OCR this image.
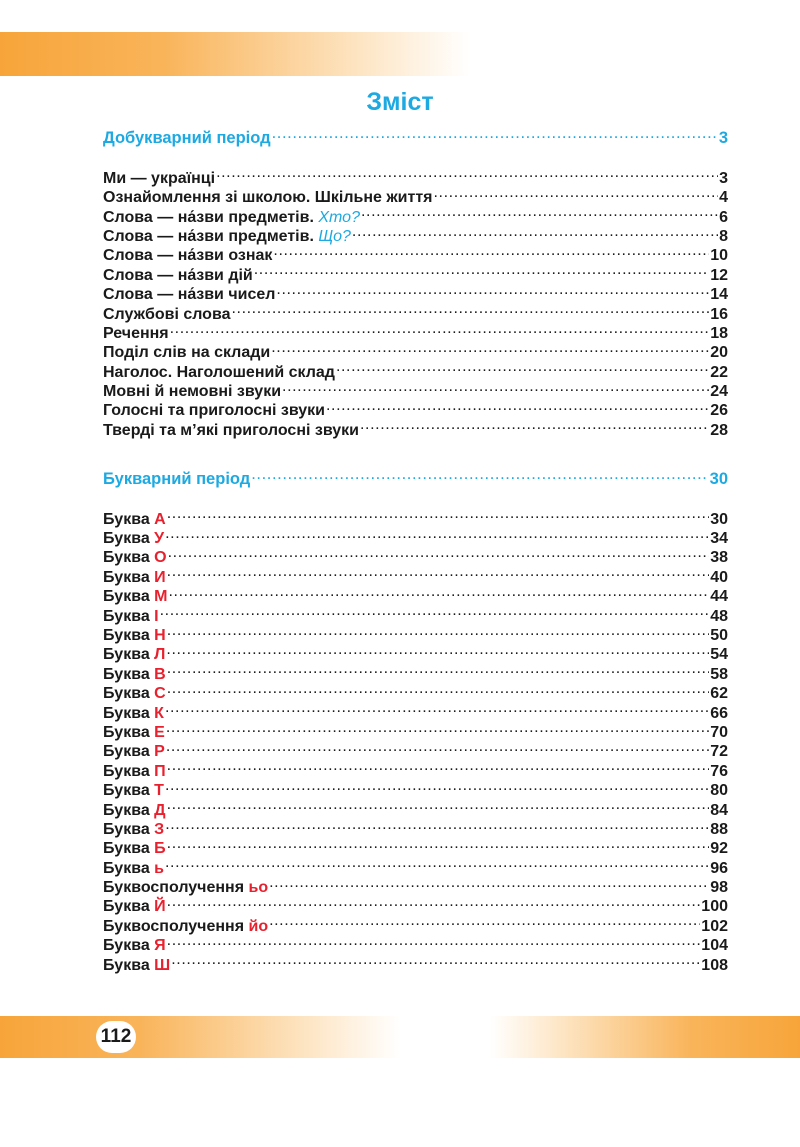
Зміст
Добукварний період .....	3
Ми — українці .....	3
Ознайомлення зі школою. Шкільне життя .....	4
Слова — на́зви предметів. Хто? .....	6
Слова — на́зви предметів. Що? .....	8
Слова — на́зви ознак .....	10
Слова — на́зви дій .....	12
Слова — на́зви чисел .....	14
Службові слова .....	16
Речення .....	18
Поділ слів на склади .....	20
Наголос. Наголошений склад .....	22
Мовні й немовні звуки .....	24
Голосні та приголосні звуки .....	26
Тверді та м’які приголосні звуки .....	28
Букварний період .....	30
Буква А .....	30
Буква У .....	34
Буква О .....	38
Буква И .....	40
Буква М .....	44
Буква І .....	48
Буква Н .....	50
Буква Л .....	54
Буква В .....	58
Буква С .....	62
Буква К .....	66
Буква Е .....	70
Буква Р .....	72
Буква П .....	76
Буква Т .....	80
Буква Д .....	84
Буква З .....	88
Буква Б .....	92
Буква ь .....	96
Буквосполучення ьо .....	98
Буква Й .....	100
Буквосполучення йо .....	102
Буква Я .....	104
Буква Ш .....	108
112
